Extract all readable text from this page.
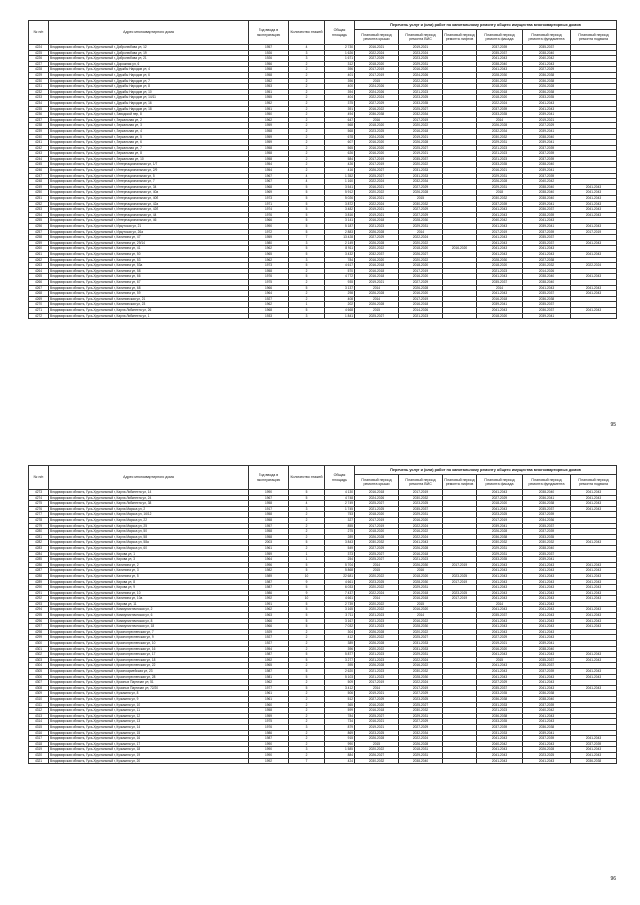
№ п/п	Адрес многоквартирного дома	Год ввода в эксплуатацию	Количество этажей	Общая площадь	Перечень услуг и (или) работ по капитальному ремонту общего имущества многоквартирных домов					
					Плановый период ремонта крыши	Плановый период ремонта ВИС	Плановый период ремонта лифтов	Плановый период ремонта фасада	Плановый период ремонта фундамента	Плановый период ремонта подвала
4224	Владимирская область, Гусь-Хрустальный г, Добролюбова ул, 12	1957	4	2 730	2016-2021	2019-2021		2037-2039	2035-2037	
4225	Владимирская область, Гусь-Хрустальный г, Добролюбова ул, 19	1926	3	1 626	2022-2024	2023-2024		2035-2037	2038-2040	
4226	Владимирская область, Гусь-Хрустальный г, Добролюбова ул, 21	1926	3	1 671	2027-2029	2023-2025		2041-2043	2040-2042	
4227	Владимирская область, Гусь-Хрустальный г, Дорожная ул, 6	1956	2	312	2018-2020	2029-2031		2038-2040	2041-2043	
4228	Владимирская область, Гусь-Хрустальный г, Дружбы Народов ул, 4	1958	2	396	2017-2019	2016-2020		2041-2043	2027-2029	
4229	Владимирская область, Гусь-Хрустальный г, Дружбы Народов ул, 6	1958	2	401	2017-2019	2024-2026		2028-2030	2036-2038	
4230	Владимирская область, Гусь-Хрустальный г, Дружбы Народов ул, 7	1952	2	396	2015	2022-2024		2030-2032	2036-2038	
4231	Владимирская область, Гусь-Хрустальный г, Дружбы Народов ул, 8	1953	2	400	2024-2026	2018-2020		2018-2020	2026-2028	
4232	Владимирская область, Гусь-Хрустальный г, Дружбы Народов ул, 10	1951	2	394	2024-2026	2021-2023		2016-2018	2036-2038	
4233	Владимирская область, Гусь-Хрустальный г, Дружбы Народов ул, 14/11	1955	2	404	2022-2024	2023-2025		2018-2020	2033-2035	
4234	Владимирская область, Гусь-Хрустальный г, Дружбы Народов ул, 16	1952	2	375	2027-2029	2033-2035		2022-2024	2041-2043	
4235	Владимирская область, Гусь-Хрустальный г, Дружбы Народов ул, 18	1951	2	391	2016-2022	2025-2027		2037-2039	2041-2043	
4236	Владимирская область, Гусь-Хрустальный г, Заводской пер, 8	1950	2	494	2036-2038	2032-2034		2033-2035	2039-2041	
4237	Владимирская область, Гусь-Хрустальный г, Зеркальная ул, 2	1962	2	647	2016	2017-2019		2014	2019-2021	
4238	Владимирская область, Гусь-Хрустальный г, Зеркальная ул, 3	1959	2	568	2018-2020	2020-2022		2026-2028	2027-2029	
4239	Владимирская область, Гусь-Хрустальный г, Зеркальная ул, 4	1958	2	568	2023-2025	2016-2018		2032-2034	2039-2041	
4240	Владимирская область, Гусь-Хрустальный г, Зеркальная ул, 5	1959	2	678	2024-2026	2019-2021		2030-2032	2038-2040	
4241	Владимирская область, Гусь-Хрустальный г, Зеркальная ул, 6	1959	2	607	2016-2020	2026-2028		2029-2031	2039-2041	
4242	Владимирская область, Гусь-Хрустальный г, Зеркальная ул, 7	1958	2	565	2016-2020	2025-2027		2021-2023	2037-2039	
4243	Владимирская область, Гусь-Хрустальный г, Зеркальная ул, 8	1958	2	626	2016-2020	2019-2021		2021-2023	2037-2039	
4244	Владимирская область, Гусь-Хрустальный г, Зеркальная ул, 10	1958	2	584	2017-2019	2035-2037		2021-2023	2037-2039	
4245	Владимирская область, Гусь-Хрустальный г, Интернациональная ул, 1/7	1954	2	426	2017-2019	2020-2022		2033-2035	2038-2040	
4246	Владимирская область, Гусь-Хрустальный г, Интернациональная ул, 2/9	1954	2	416	2026-2027	2031-2033		2016-2021	2039-2041	
4247	Владимирская область, Гусь-Хрустальный г, Интернациональная ул, 5	1967	4	1 352	2025-2027	2031-2033		2029-2031	2037-2039	
4248	Владимирская область, Гусь-Хрустальный г, Интернациональная ул, 7	1967	4	1 160	2022-2024	2032-2034		2026-2028	2040-2042	
4249	Владимирская область, Гусь-Хрустальный г, Интернациональная ул, 34	1968	5	3 541	2016-2021	2027-2029		2029-2031	2038-2040	2041-2043
4250	Владимирская область, Гусь-Хрустальный г, Интернациональная ул, 40а	1969	5	5 912	2020-2022	2026-2028		2018	2038-2040	2041-2043
4251	Владимирская область, Гусь-Хрустальный г, Интернациональная ул, 40б	1973	5	5 026	2016-2021	2015		2030-2032	2038-2040	2041-2043
4252	Владимирская область, Гусь-Хрустальный г, Интернациональная ул, 42а	1971	5	3 872	2022-2024	2030-2032		2037-2039	2039-2041	2041-2043
4253	Владимирская область, Гусь-Хрустальный г, Интернациональная ул, 42б	1974	5	3 482	2019-2021	2027-2029		2041-2043	2036-2037	2041-2043
4254	Владимирская область, Гусь-Хрустальный г, Интернациональная ул, 44	1976	5	3 816	2019-2021	2027-2029		2041-2043	2038-2039	2041-2043
4255	Владимирская область, Гусь-Хрустальный г, Интернациональная ул, 46	1966	5	3 141	2016-2018	2028-2030		2040-2042	2041-2043	
4256	Владимирская область, Гусь-Хрустальный г, Иркутская ул, 21	1990	5	5 187	2021-2023	2029-2031		2041-2043	2039-2041	2041-2043
4257	Владимирская область, Гусь-Хрустальный г, Иркутская ул, 26а	1972	5	2 883	2026-2028	2014		2017-2019	2037-2039	2017-2019
4258	Владимирская область, Гусь-Хрустальный г, Калинина ул, 47	1959	7	13 428	2027-2029	2022-2024		2041-2043	2035-2037	
4259	Владимирская область, Гусь-Хрустальный г, Калинина ул, 29/14	1980	3	2 149	2026-2028	2020-2022		2041-2043	2035-2037	2041-2043
4260	Владимирская область, Гусь-Хрустальный г, Калинина ул, 41	1962	5	8 911	2020-2022	2018-2020	2016-2020	2041-2043	2041-2043	
4261	Владимирская область, Гусь-Хрустальный г, Калинина ул, 50	1965	5	3 432	2032-2037	2026-2027		2041-2043	2041-2043	2041-2043
4262	Владимирская область, Гусь-Хрустальный г, Калинина ул, 53	1962	3	784	2016-2020	2020-2022		2028-2030	2027-2038	
4263	Владимирская область, Гусь-Хрустальный г, Калинина ул, 53а	1973	5	4 617	2016-2018	2018-2020		2018-2020	2030-2032	2022-2024
4264	Владимирская область, Гусь-Хрустальный г, Калинина ул, 58	1958	2	570	2016-2018	2017-2019		2021-2023	2014-2026	
4265	Владимирская область, Гусь-Хрустальный г, Калинина ул, 66	1976	5	4 772	2016-2018	2016-2020		2041-2043	2038-2040	2041-2043
4266	Владимирская область, Гусь-Хрустальный г, Калинина ул, 67	1975	2	935	2019-2021	2027-2029		2035-2037	2038-2040	
4267	Владимирская область, Гусь-Хрустальный г, Калинина ул, 68	1966	5	3 137	2014	2026-2028		2014	2041-2043	2041-2043
4268	Владимирская область, Гусь-Хрустальный г, Калинина ул, 59	1964	2	298	2026-2028	2016-2020		2041-2043	2035-2037	2041-2043
4269	Владимирская область, Гусь-Хрустальный г, Калининская ул, 21	1927	2	408	2014	2017-2019		2016-2018	2036-2038	
4270	Владимирская область, Гусь-Хрустальный г, Калининская ул, 23	1962	1	202	2026-2028	2016-2018		2039-2041	2035-2037	
4271	Владимирская область, Гусь-Хрустальный г, Карла Либкнехта ул, 26	1968	5	4 668	2015	2014-2026		2041-2043	2036-2037	2041-2043
4272	Владимирская область, Гусь-Хрустальный г, Карла Либкнехта ул, 1	1933	3	1 841	2025-2027	2021-2023		2018-2020	2039-2041	
95
№ п/п	Адрес многоквартирного дома	Год ввода в эксплуатацию	Количество этажей	Общая площадь	Перечень услуг и (или) работ по капитальному ремонту общего имущества многоквартирных домов					
					Плановый период ремонта крыши	Плановый период ремонта ВИС	Плановый период ремонта лифтов	Плановый период ремонта фасада	Плановый период ремонта фундамента	Плановый период ремонта подвала
4273	Владимирская область, Гусь-Хрустальный г, Карла Либкнехта ул, 14	1990	5	4 130	2016-2018	2017-2019		2041-2043	2038-2040	2041-2043
4274	Владимирская область, Гусь-Хрустальный г, Карла Либкнехта ул, 24	1967	5	4 748	2024-2026	2030-2032		2027-2029	2036-2041	2041-2043
4275	Владимирская область, Гусь-Хрустальный г, Карла Либкнехта ул, 38	1958	4	2 749	2025-2027	2023-2025		2018-2020	2036-2038	2041-2043
4276	Владимирская область, Гусь-Хрустальный г, Карла Маркса ул, 2	1917	3	1 745	2021-2025	2035-2037		2041-2043	2035-2037	2041-2043
4277	Владимирская область, Гусь-Хрустальный г, Карла Маркса ул, 16/12	1958	2	753	2018-2020	2029-2031		2023-2025	2037-2039	
4278	Владимирская область, Гусь-Хрустальный г, Карла Маркса ул, 22	1958	2	327	2017-2019	2016-2020		2017-2019	2034-2036	
4279	Владимирская область, Гусь-Хрустальный г, Карла Маркса ул, 25	1957	2	855	2017-2019	2022-2024		2039-2041	2035-2037	
4280	Владимирская область, Гусь-Хрустальный г, Карла Маркса ул, 50	1958	2	275	2018-2020	2016-2022		2026-2028	2037-2039	
4281	Владимирская область, Гусь-Хрустальный г, Карла Маркса ул, 58	1958	2	289	2026-2028	2022-2024		2036-2038	2033-2035	
4282	Владимирская область, Гусь-Хрустальный г, Карла Маркса ул, 58а	2003	5	3 843	2030-2032	2041-2043		2030-2032	2030-2032	2041-2043
4283	Владимирская область, Гусь-Хрустальный г, Карла Маркса ул, 60	1961	2	549	2027-2029	2026-2028		2029-2031	2038-2040	
4284	Владимирская область, Гусь-Хрустальный г, Кирова ул, 1	1959	1	373	2025-2027	2016-2018		2029-2031	2035-2037	
4285	Владимирская область, Гусь-Хрустальный г, Кирова ул, 3	1964	1	254	2025-2027	2021-2023		2033-2035	2039-2041	
4286	Владимирская область, Гусь-Хрустальный г, Калинина ул, 2	1996	5	5 704	2014	2026-2030	2017-2019	2041-2043	2041-2043	2041-2043
4287	Владимирская область, Гусь-Хрустальный г, Калинина ул, 3	1982	5	5 868	2015	2016		2041-2043	2041-2043	2041-2043
4288	Владимирская область, Гусь-Хрустальный г, Калинина ул, 5	1989	10	22 681	2020-2022	2018-2020	2023-2025	2041-2043	2041-2043	2041-2043
4289	Владимирская область, Гусь-Хрустальный г, Кирова ул, 8	1987	9	4 661	2023-2025	2028-2030	2017-2019	2041-2043	2041-2043	2041-2043
4290	Владимирская область, Гусь-Хрустальный г, Кирова ул, 9	1987	5	6 033	2020-2022	2029-2031		2041-2043	2041-2043	2041-2043
4291	Владимирская область, Гусь-Хрустальный г, Калинина ул, 10	1986	9	7 437	2022-2024	2016-2018	2023-2025	2041-2043	2041-2043	2041-2043
4292	Владимирская область, Гусь-Хрустальный г, Калинина ул, 10а	1992	10	4 661	2014	2016-2018	2017-2019	2041-2043	2041-2043	2041-2043
4293	Владимирская область, Гусь-Хрустальный г, Кирова ул, 11	1991	5	2 739	2020-2022	2015		2014	2041-2043	
4294	Владимирская область, Гусь-Хрустальный г, Коммунистическая ул, 2	1962	5	3 165	2020-2022	2016-2020		2041-2043	2041-2043	2041-2043
4295	Владимирская область, Гусь-Хрустальный г, Коммунистическая ул, 6	1963	5	3 711	2021-2023	2014		2035-2037	2041-2043	2041-2043
4296	Владимирская область, Гусь-Хрустальный г, Коммунистическая ул, 8	1966	5	3 167	2021-2023	2016-2022		2041-2043	2041-2043	2041-2043
4297	Владимирская область, Гусь-Хрустальный г, Коммунистическая ул, 18	1966	5	7 032	2021-2023	2028-2030		2041-2043	2041-2043	2041-2043
4298	Владимирская область, Гусь-Хрустальный г, Краснопресненская ул, 7	1929	2	304	2026-2028	2020-2022		2041-2043	2041-2043	
4299	Владимирская область, Гусь-Хрустальный г, Краснопресненская ул, 9	1927	2	412	2020-2022	2025-2027		2027-2029	2041-2043	
4300	Владимирская область, Гусь-Хрустальный г, Краснопресненская ул, 10	1927	2	389	2026-2028	2031-2033		2019-2021	2039-2041	
4301	Владимирская область, Гусь-Хрустальный г, Краснопресненская ул, 16	1954	2	396	2020-2022	2031-2033		2016-2020	2038-2040	
4302	Владимирская область, Гусь-Хрустальный г, Краснопресненская ул, 17	1987	5	5 877	2021-2023	2029-2031		2041-2043	2041-2043	2041-2043
4303	Владимирская область, Гусь-Хрустальный г, Краснопресненская ул, 18	1992	5	3 277	2021-2023	2022-2024		2015	2035-2037	2041-2043
4304	Владимирская область, Гусь-Хрустальный г, Краснопресненская ул, 22	1965	2	395	2026-2028	2016-2022		2041-2043	2035-2037	
4305	Владимирская область, Гусь-Хрустальный г, Красноармейская ул, 23	1987	5	2 620	2021-2023	2030-2032		2041-2043	2037-2039	2041-2043
4306	Владимирская область, Гусь-Хрустальный г, Краснопресненская ул, 28	1981	5	5 103	2021-2023	2028-2030		2041-2043	2041-2043	2041-2043
4307	Владимирская область, Гусь-Хрустальный г, Красных Партизан ул, 51	1962	2	509	2017-2019	2022-2024		2027-2029	2041-2043	
4308	Владимирская область, Гусь-Хрустальный г, Красных Партизан ул, 72/20	1977	5	3 412	2014	2017-2019		2035-2037	2041-2043	2041-2043
4309	Владимирская область, Гусь-Хрустальный г, Кузьмина ул, 8	1961	2	506	2019-2021	2027-2029		2033-2035	2036-2038	
4310	Владимирская область, Гусь-Хрустальный г, Кузьмина ул, 9	1961	2	512	2027-2029	2023-2025		2036-2038	2038-2040	
4311	Владимирская область, Гусь-Хрустальный г, Кузьмина ул, 10	1960	2	365	2016-2020	2025-2027		2031-2033	2037-2039	
4312	Владимирская область, Гусь-Хрустальный г, Кузьмина ул, 11	1958	2	599	2016-2018	2030-2032		2021-2023	2040-2042	
4313	Владимирская область, Гусь-Хрустальный г, Кузьмина ул, 12	1959	2	784	2025-2027	2029-2031		2036-2038	2041-2043	
4314	Владимирская область, Гусь-Хрустальный г, Кузьмина ул, 13	1975	2	734	2016-2021	2027-2029		2033-2035	2041-2043	
4315	Владимирская область, Гусь-Хрустальный г, Кузьмина ул, 14	1976	3	879	2019-2021	2027-2029		2037-2039	2036-2038	
4316	Владимирская область, Гусь-Хрустальный г, Кузьмина ул, 15	1986	2	869	2023-2025	2032-2034		2031-2033	2039-2041	
4317	Владимирская область, Гусь-Хрустальный г, Кузьмина ул, 16	1987	2	915	2026-2028	2022-2024		2041-2043	2037-2039	2041-2043
4318	Владимирская область, Гусь-Хрустальный г, Кузьмина ул, 17	1990	2	990	2015	2026-2028		2040-2042	2041-2043	2037-2039
4319	Владимирская область, Гусь-Хрустальный г, Кузьмина ул, 18	1990	3	1 585	2020-2022	2018-2031		2041-2043	2026-2028	2041-2043
4320	Владимирская область, Гусь-Хрустальный г, Кузьмина ул, 19	1990	2	884	2026-2027	2029-2031		2041-2043	2023-2025	2041-2043
4321	Владимирская область, Гусь-Хрустальный г, Кузьмина ул, 20	1992	7	424	2030-2032	2038-2040		2041-2043	2041-2043	2036-2038
96
